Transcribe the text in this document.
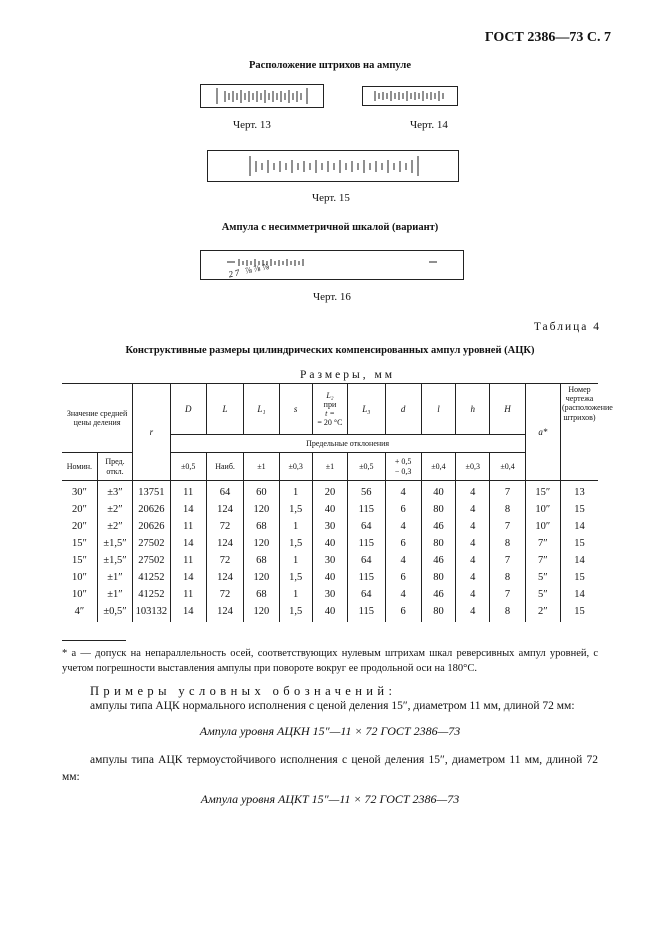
ГОСТ 2386—73 С. 7
Расположение штрихов на ампуле
Черт. 13	Черт. 14
Черт. 15
Ампула с несимметричной шкалой (вариант)
27 ⅞⅞⅞
Черт. 16
Таблица 4
Конструктивные размеры цилиндрических компенсированных ампул уровней (АЦК)
Размеры, мм
Значение средней цены деления		r	D	L	L₁	s	L₂
при
t =
= 20 °C	L₃	d	l	h	H	a*	Номер чертежа (расположение штрихов)
			Предельные отклонения											
Номин.	Пред. откл.		±0,5	Наиб.	±1	±0,3	±1	±0,5	+ 0,5
− 0,3	±0,4	±0,3	±0,4		
30″	±3″	13751	11	64	60	1	20	56	4	40	4	7	15″	13
20″	±2″	20626	14	124	120	1,5	40	115	6	80	4	8	10″	15
20″	±2″	20626	11	72	68	1	30	64	4	46	4	7	10″	14
15″	±1,5″	27502	14	124	120	1,5	40	115	6	80	4	8	7″	15
15″	±1,5″	27502	11	72	68	1	30	64	4	46	4	7	7″	14
10″	±1″	41252	14	124	120	1,5	40	115	6	80	4	8	5″	15
10″	±1″	41252	11	72	68	1	30	64	4	46	4	7	5″	14
4″	±0,5″	103132	14	124	120	1,5	40	115	6	80	4	8	2″	15
* a — допуск на непараллельность осей, соответствующих нулевым штрихам шкал реверсивных ампул уровней, с учетом погрешности выставления ампулы при повороте вокруг ее продольной оси на 180°С.
Примеры условных обозначений:
ампулы типа АЦК нормального исполнения с ценой деления 15″, диаметром 11 мм, длиной 72 мм:
Ампула уровня АЦКН 15″—11 × 72 ГОСТ 2386—73
ампулы типа АЦК термоустойчивого исполнения с ценой деления 15″, диаметром 11 мм, длиной 72 мм:
Ампула уровня АЦКТ 15″—11 × 72 ГОСТ 2386—73
